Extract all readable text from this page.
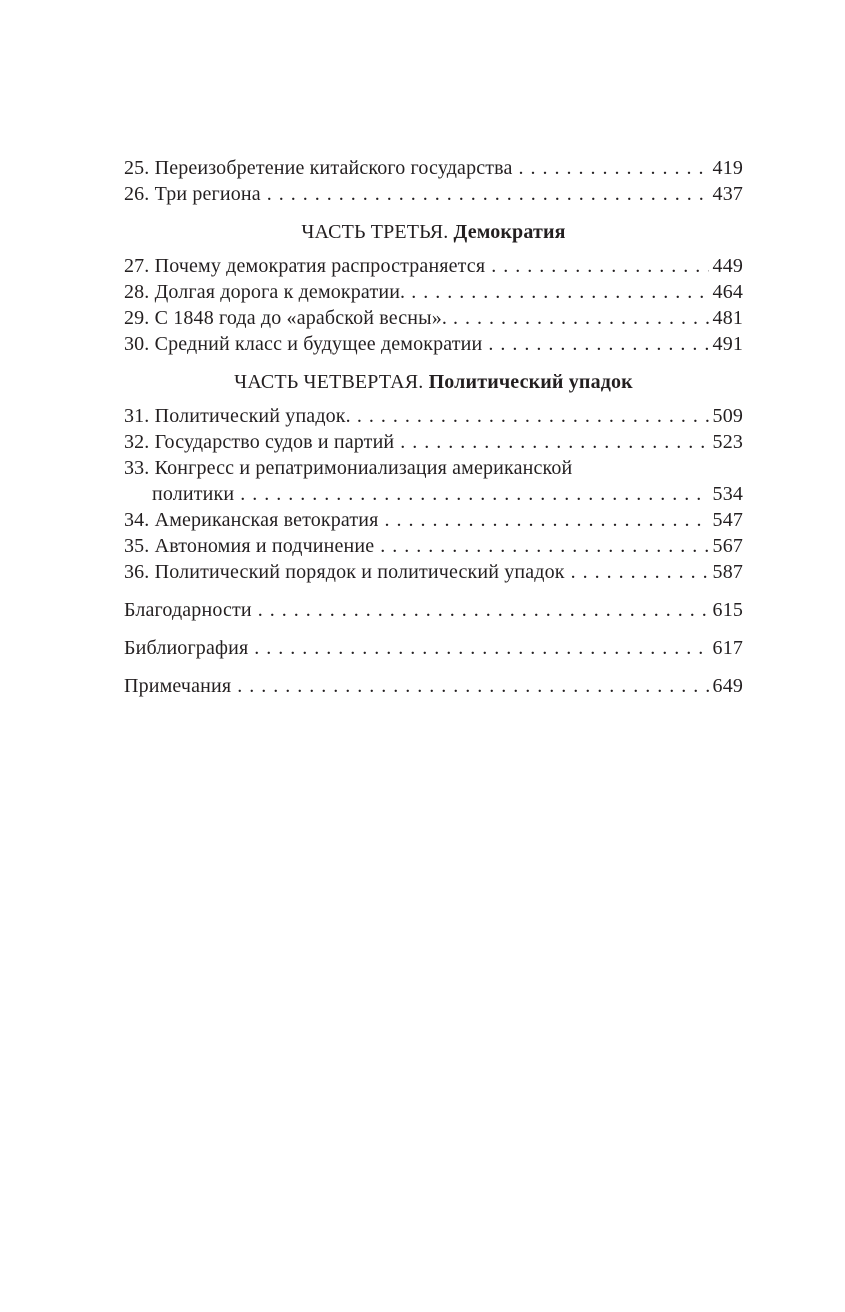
25. Переизобретение китайского государства . . .	419
26. Три региона . . .	437
ЧАСТЬ ТРЕТЬЯ. Демократия
27. Почему демократия распространяется . . .	449
28. Долгая дорога к демократии. . . .	464
29. С 1848 года до «арабской весны». . . .	481
30. Средний класс и будущее демократии . . .	491
ЧАСТЬ ЧЕТВЕРТАЯ. Политический упадок
31. Политический упадок. . . .	509
32. Государство судов и партий . . .	523
33. Конгресс и репатримониализация американской
политики . . .	534
34. Американская ветократия . . .	547
35. Автономия и подчинение . . .	567
36. Политический порядок и политический упадок . . .	587
Благодарности . . .	615
Библиография . . .	617
Примечания . . .	649
